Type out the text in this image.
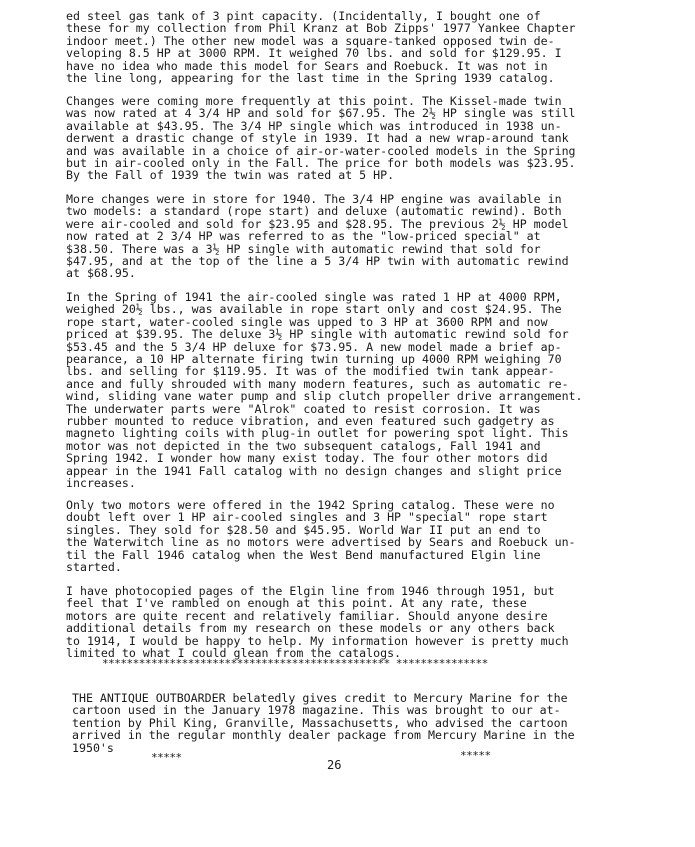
ed steel gas tank of 3 pint capacity. (Incidentally, I bought one of
these for my collection from Phil Kranz at Bob Zipps' 1977 Yankee Chapter
indoor meet.) The other new model was a square-tanked opposed twin de-
veloping 8.5 HP at 3000 RPM. It weighed 70 lbs. and sold for $129.95. I
have no idea who made this model for Sears and Roebuck. It was not in
the line long, appearing for the last time in the Spring 1939 catalog.

Changes were coming more frequently at this point. The Kissel-made twin
was now rated at 4 3/4 HP and sold for $67.95. The 2½ HP single was still
available at $43.95. The 3/4 HP single which was introduced in 1938 un-
derwent a drastic change of style in 1939. It had a new wrap-around tank
and was available in a choice of air-or-water-cooled models in the Spring
but in air-cooled only in the Fall. The price for both models was $23.95.
By the Fall of 1939 the twin was rated at 5 HP.

More changes were in store for 1940. The 3/4 HP engine was available in
two models: a standard (rope start) and deluxe (automatic rewind). Both
were air-cooled and sold for $23.95 and $28.95. The previous 2½ HP model
now rated at 2 3/4 HP was referred to as the "low-priced special" at
$38.50. There was a 3½ HP single with automatic rewind that sold for
$47.95, and at the top of the line a 5 3/4 HP twin with automatic rewind
at $68.95.

In the Spring of 1941 the air-cooled single was rated 1 HP at 4000 RPM,
weighed 20½ lbs., was available in rope start only and cost $24.95. The
rope start, water-cooled single was upped to 3 HP at 3600 RPM and now
priced at $39.95. The deluxe 3½ HP single with automatic rewind sold for
$53.45 and the 5 3/4 HP deluxe for $73.95. A new model made a brief ap-
pearance, a 10 HP alternate firing twin turning up 4000 RPM weighing 70
lbs. and selling for $119.95. It was of the modified twin tank appear-
ance and fully shrouded with many modern features, such as automatic re-
wind, sliding vane water pump and slip clutch propeller drive arrangement.
The underwater parts were "Alrok" coated to resist corrosion. It was
rubber mounted to reduce vibration, and even featured such gadgetry as
magneto lighting coils with plug-in outlet for powering spot light. This
motor was not depicted in the two subsequent catalogs, Fall 1941 and
Spring 1942. I wonder how many exist today. The four other motors did
appear in the 1941 Fall catalog with no design changes and slight price
increases.

Only two motors were offered in the 1942 Spring catalog. These were no
doubt left over 1 HP air-cooled singles and 3 HP "special" rope start
singles. They sold for $28.50 and $45.95. World War II put an end to
the Waterwitch line as no motors were advertised by Sears and Roebuck un-
til the Fall 1946 catalog when the West Bend manufactured Elgin line
started.

I have photocopied pages of the Elgin line from 1946 through 1951, but
feel that I've rambled on enough at this point. At any rate, these
motors are quite recent and relatively familiar. Should anyone desire
additional details from my research on these models or any others back
to 1914, I would be happy to help. My information however is pretty much
limited to what I could glean from the catalogs.

*********************************************** ***************

THE ANTIQUE OUTBOARDER belatedly gives credit to Mercury Marine for the
cartoon used in the January 1978 magazine. This was brought to our at-
tention by Phil King, Granville, Massachusetts, who advised the cartoon
arrived in the regular monthly dealer package from Mercury Marine in the
1950's

*****
26
*****
